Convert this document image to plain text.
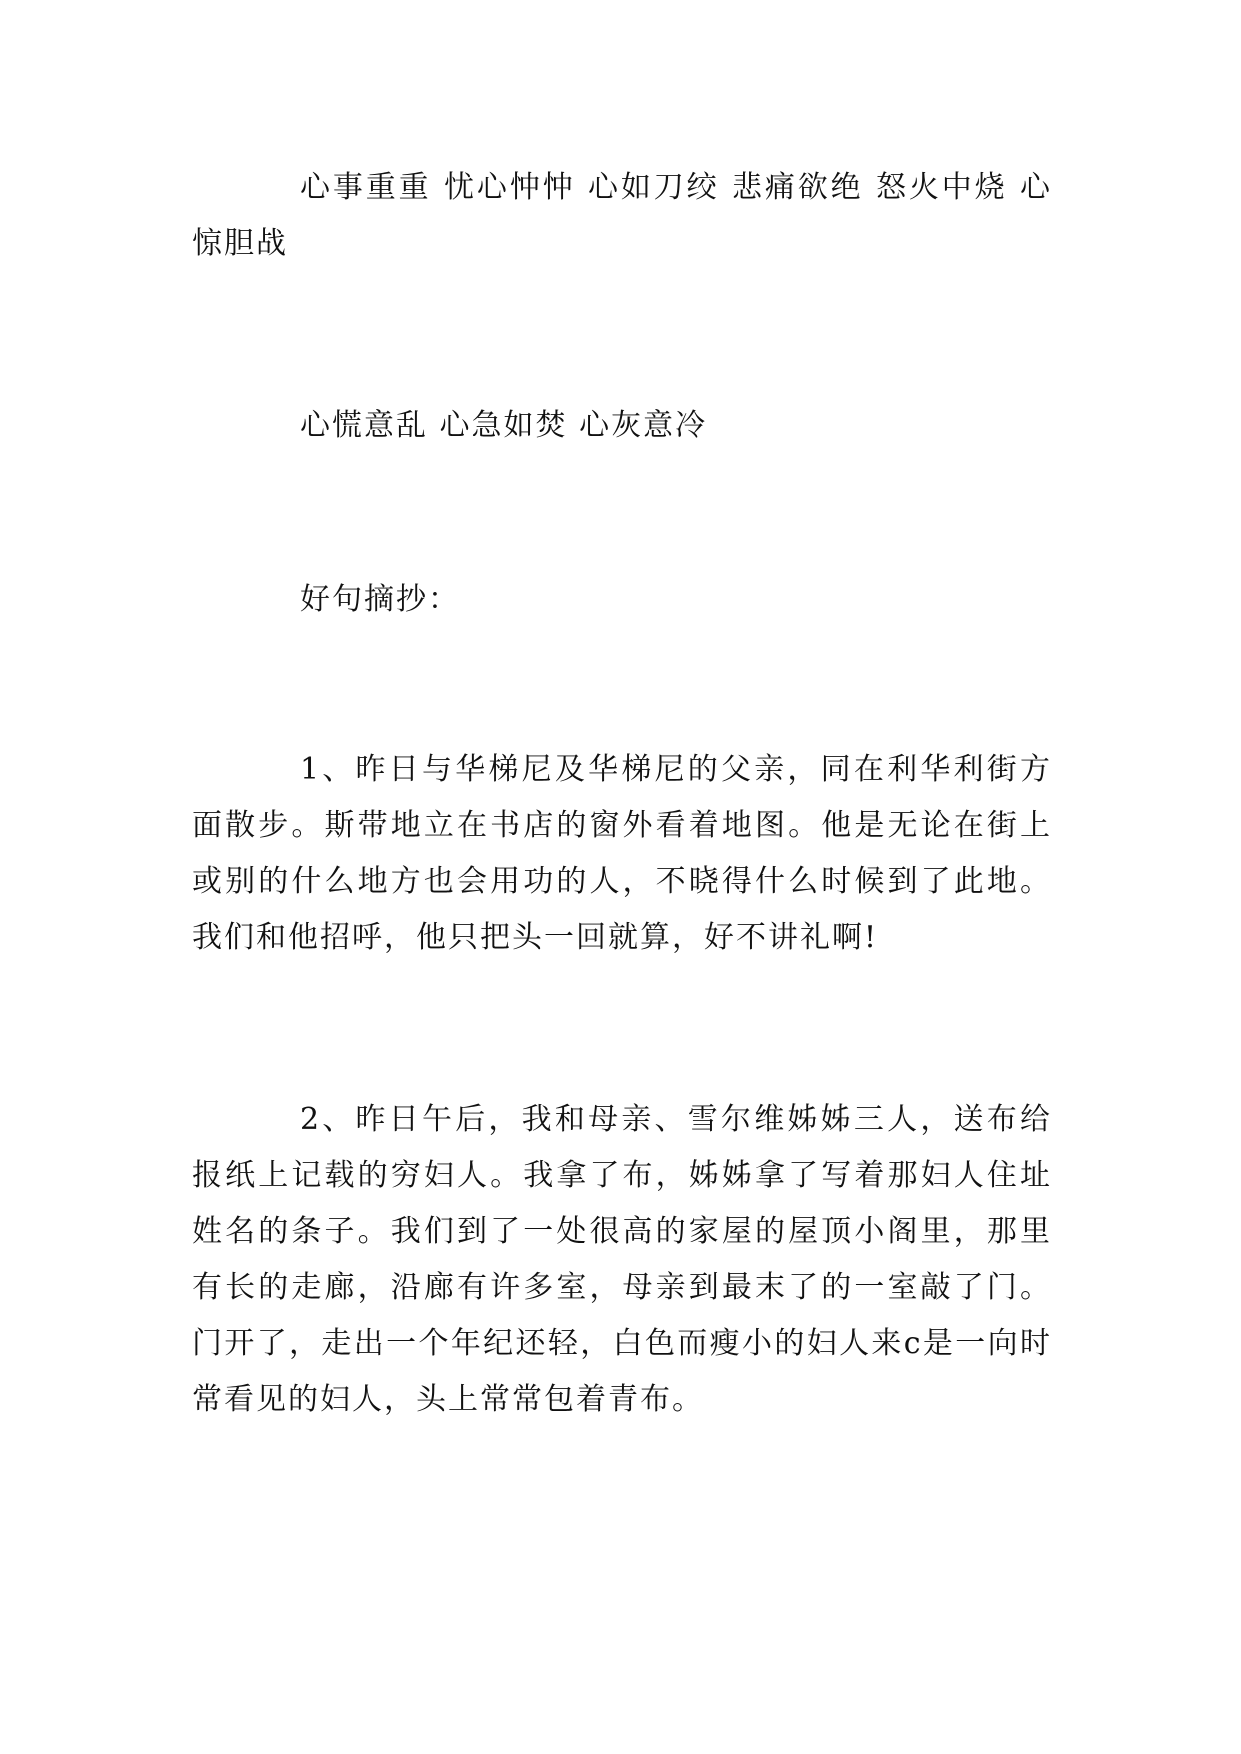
心事重重 忧心忡忡 心如刀绞 悲痛欲绝 怒火中烧 心惊胆战

心慌意乱 心急如焚 心灰意冷

好句摘抄：

1、昨日与华梯尼及华梯尼的父亲，同在利华利街方面散步。斯带地立在书店的窗外看着地图。他是无论在街上或别的什么地方也会用功的人，不晓得什么时候到了此地。我们和他招呼，他只把头一回就算，好不讲礼啊!

2、昨日午后，我和母亲、雪尔维姊姊三人，送布给报纸上记载的穷妇人。我拿了布，姊姊拿了写着那妇人住址姓名的条子。我们到了一处很高的家屋的屋顶小阁里，那里有长的走廊，沿廊有许多室，母亲到最末了的一室敲了门。门开了，走出一个年纪还轻，白色而瘦小的妇人来c是一向时常看见的妇人，头上常常包着青布。
